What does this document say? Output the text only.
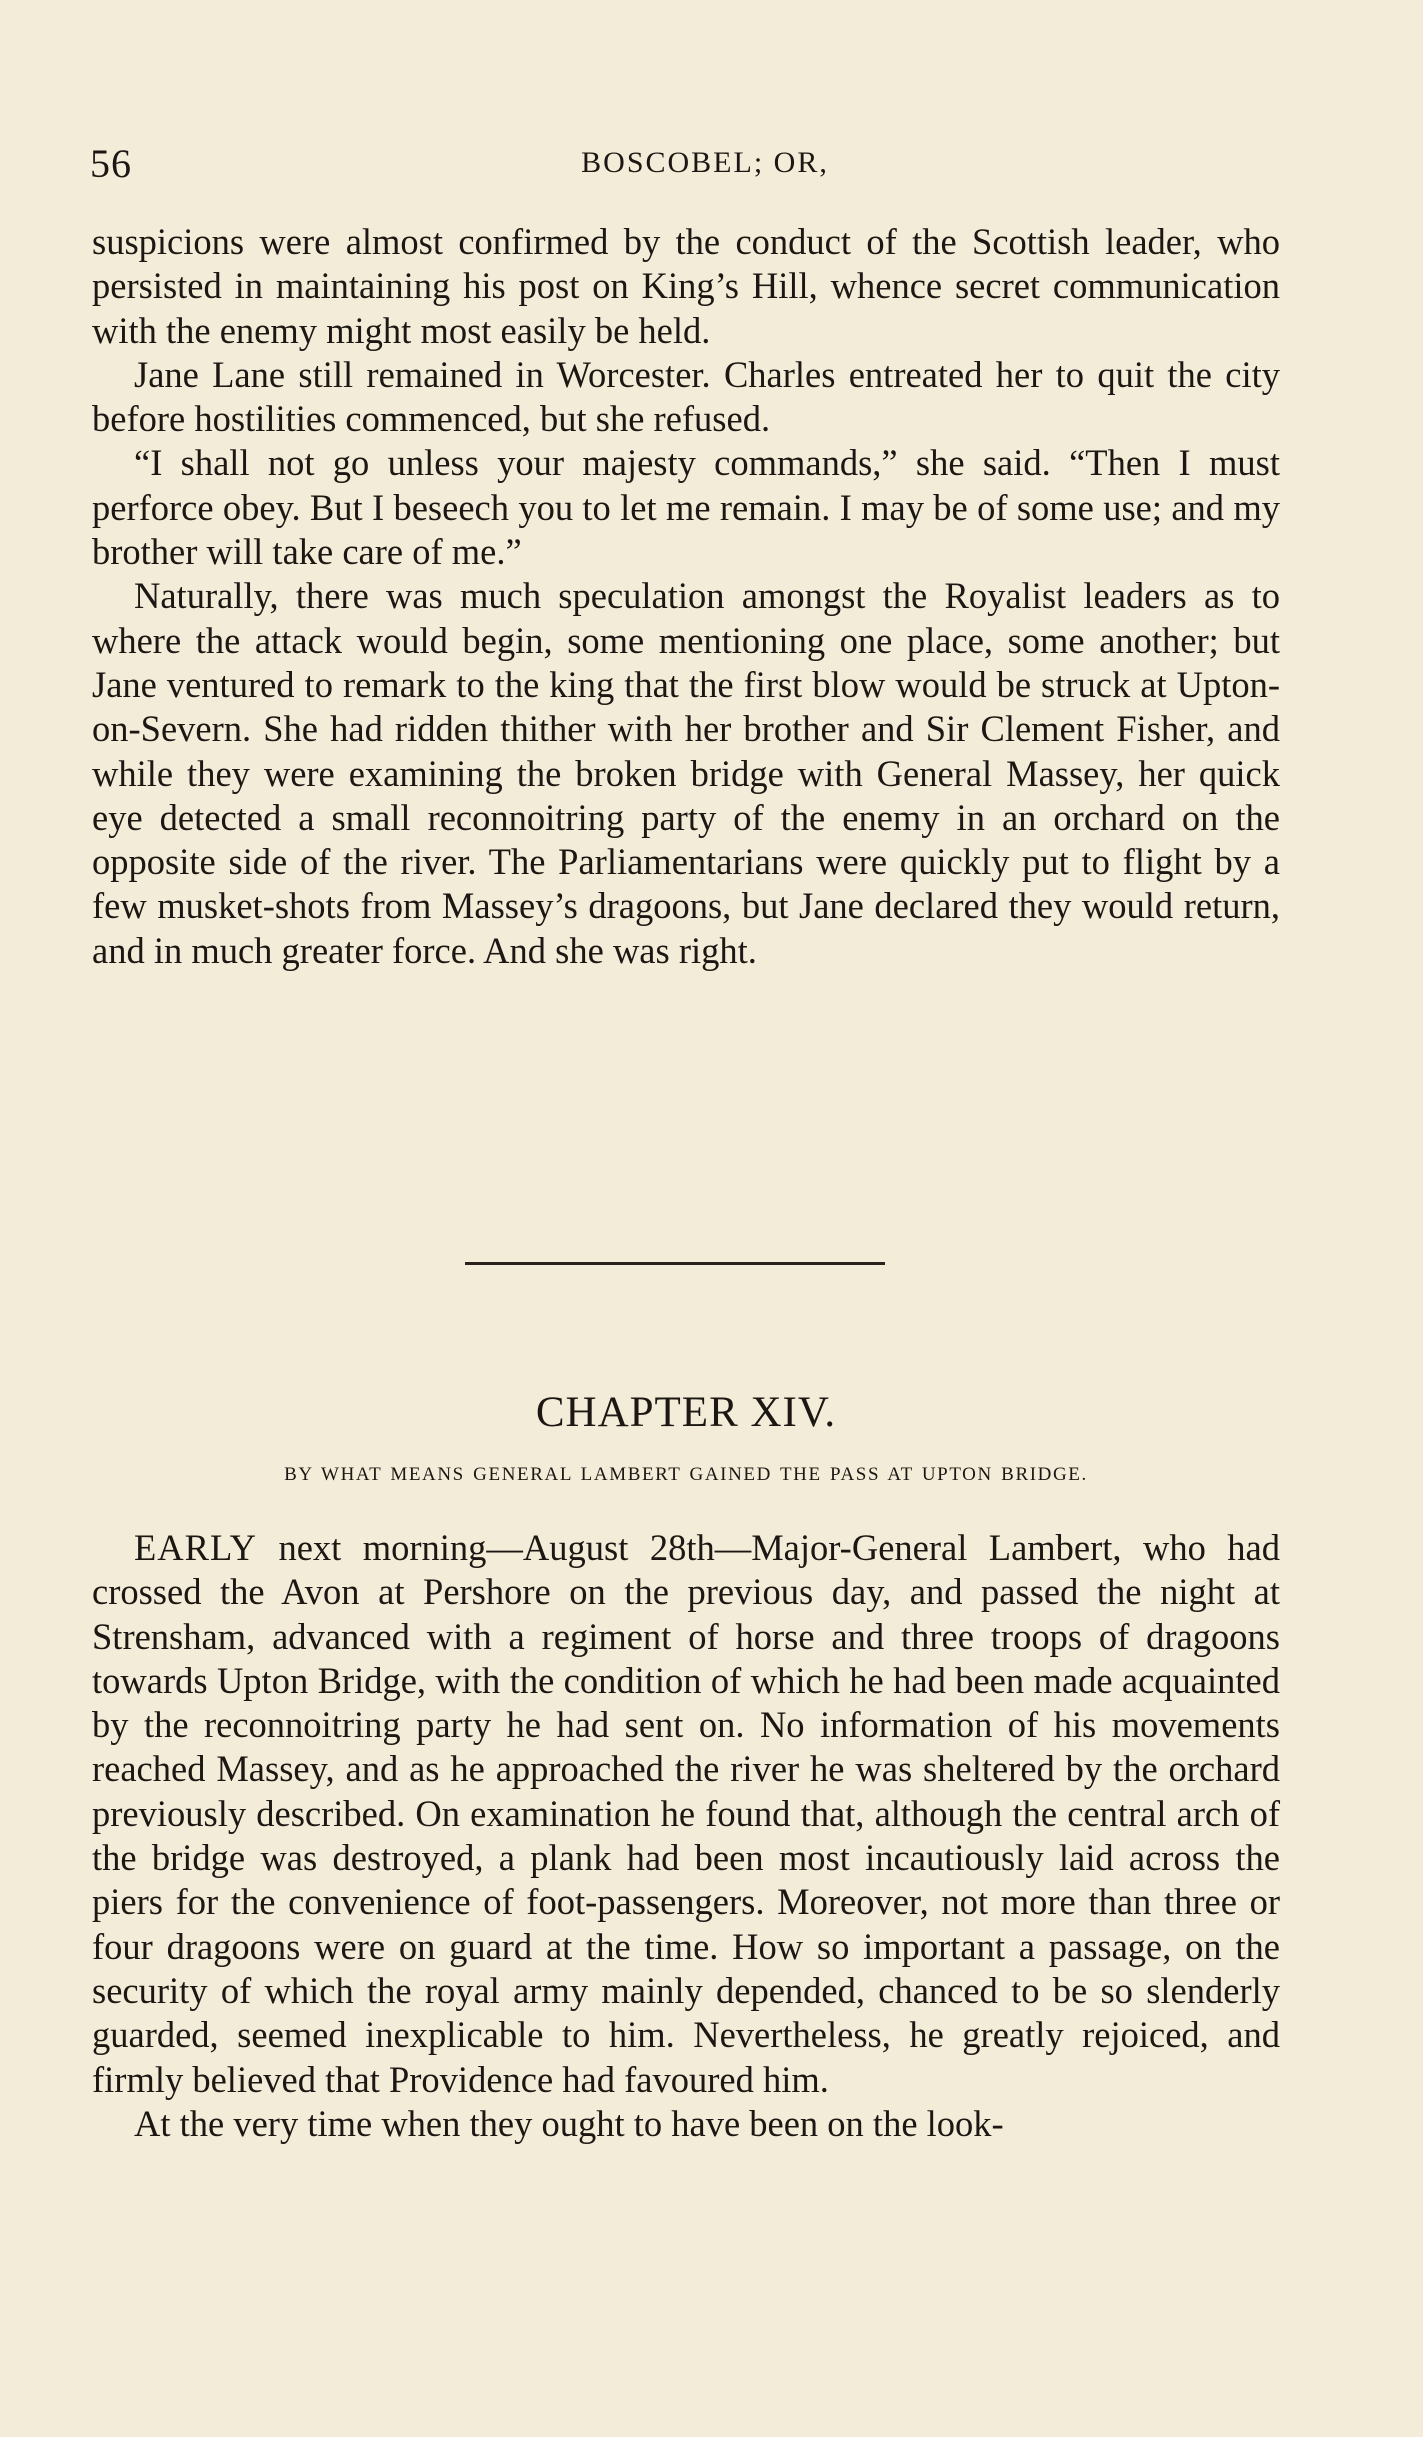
56	BOSCOBEL; OR,

suspicions were almost confirmed by the conduct of the Scottish leader, who persisted in maintaining his post on King’s Hill, whence secret communication with the enemy might most easily be held.

Jane Lane still remained in Worcester. Charles entreated her to quit the city before hostilities commenced, but she refused.

“I shall not go unless your majesty commands,” she said. “Then I must perforce obey. But I beseech you to let me remain. I may be of some use; and my brother will take care of me.”

Naturally, there was much speculation amongst the Royalist leaders as to where the attack would begin, some mentioning one place, some another; but Jane ventured to remark to the king that the first blow would be struck at Upton-on-Severn. She had ridden thither with her brother and Sir Clement Fisher, and while they were examining the broken bridge with General Massey, her quick eye detected a small reconnoitring party of the enemy in an orchard on the opposite side of the river. The Parliamentarians were quickly put to flight by a few musket-shots from Massey’s dragoons, but Jane declared they would return, and in much greater force. And she was right.

CHAPTER XIV.
BY WHAT MEANS GENERAL LAMBERT GAINED THE PASS AT UPTON BRIDGE.

EARLY next morning—August 28th—Major-General Lambert, who had crossed the Avon at Pershore on the previous day, and passed the night at Strensham, advanced with a regiment of horse and three troops of dragoons towards Upton Bridge, with the condition of which he had been made acquainted by the reconnoitring party he had sent on. No information of his movements reached Massey, and as he approached the river he was sheltered by the orchard previously described. On examination he found that, although the central arch of the bridge was destroyed, a plank had been most incautiously laid across the piers for the convenience of foot-passengers. Moreover, not more than three or four dragoons were on guard at the time. How so important a passage, on the security of which the royal army mainly depended, chanced to be so slenderly guarded, seemed inexplicable to him. Nevertheless, he greatly rejoiced, and firmly believed that Providence had favoured him.

At the very time when they ought to have been on the look-
